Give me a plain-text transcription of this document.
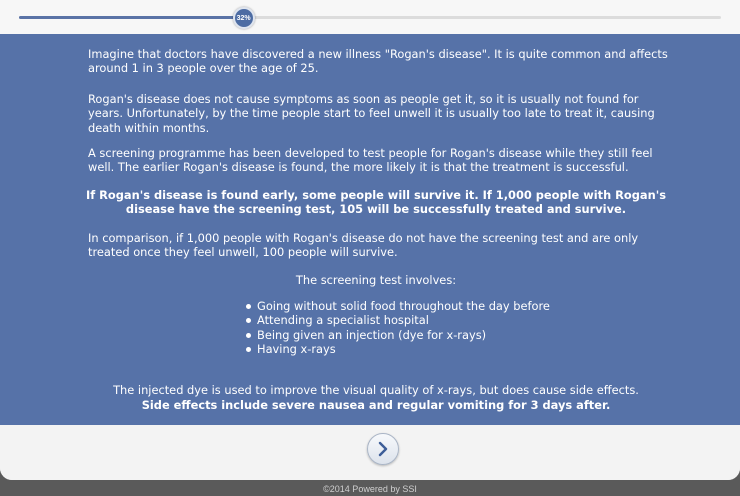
32%

Imagine that doctors have discovered a new illness "Rogan's disease". It is quite common and affects around 1 in 3 people over the age of 25.

Rogan's disease does not cause symptoms as soon as people get it, so it is usually not found for years. Unfortunately, by the time people start to feel unwell it is usually too late to treat it, causing death within months.

A screening programme has been developed to test people for Rogan's disease while they still feel well. The earlier Rogan's disease is found, the more likely it is that the treatment is successful.

If Rogan's disease is found early, some people will survive it. If 1,000 people with Rogan's disease have the screening test, 105 will be successfully treated and survive.

In comparison, if 1,000 people with Rogan's disease do not have the screening test and are only treated once they feel unwell, 100 people will survive.

The screening test involves:

Going without solid food throughout the day before
Attending a specialist hospital
Being given an injection (dye for x-rays)
Having x-rays

The injected dye is used to improve the visual quality of x-rays, but does cause side effects.

Side effects include severe nausea and regular vomiting for 3 days after.

©2014 Powered by SSI
